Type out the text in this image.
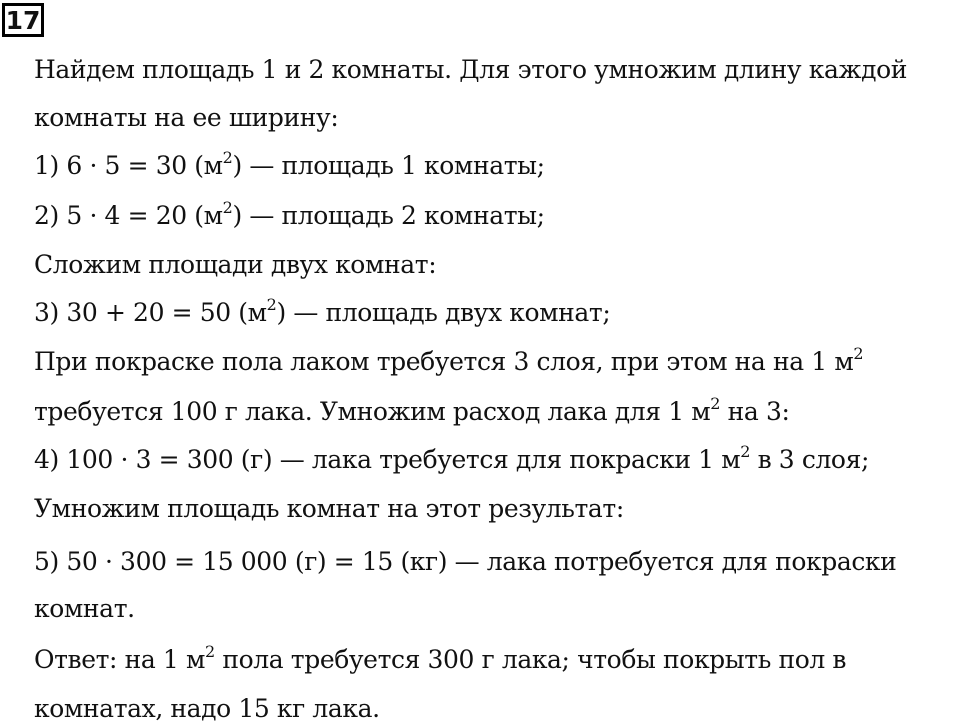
17
Найдем площадь 1 и 2 комнаты. Для этого умножим длину каждой
комнаты на ее ширину:
1) 6 · 5 = 30 $(м^2)$ — площадь 1 комнаты;
2) 5 · 4 = 20 $(м^2)$ — площадь 2 комнаты;
Сложим площади двух комнат:
3) 30 + 20 = 50 $(м^2)$ — площадь двух комнат;
При покраске пола лаком требуется 3 слоя, при этом на на 1 $м^2$
требуется 100 г лака. Умножим расход лака для 1 $м^2$ на 3:
4) 100 · 3 = 300 (г) — лака требуется для покраски 1 $м^2$ в 3 слоя;
Умножим площадь комнат на этот результат:
5) 50 · 300 = 15 000 (г) = 15 (кг) — лака потребуется для покраски
комнат.
Ответ: на 1 $м^2$ пола требуется 300 г лака; чтобы покрыть пол в
комнатах, надо 15 кг лака.
